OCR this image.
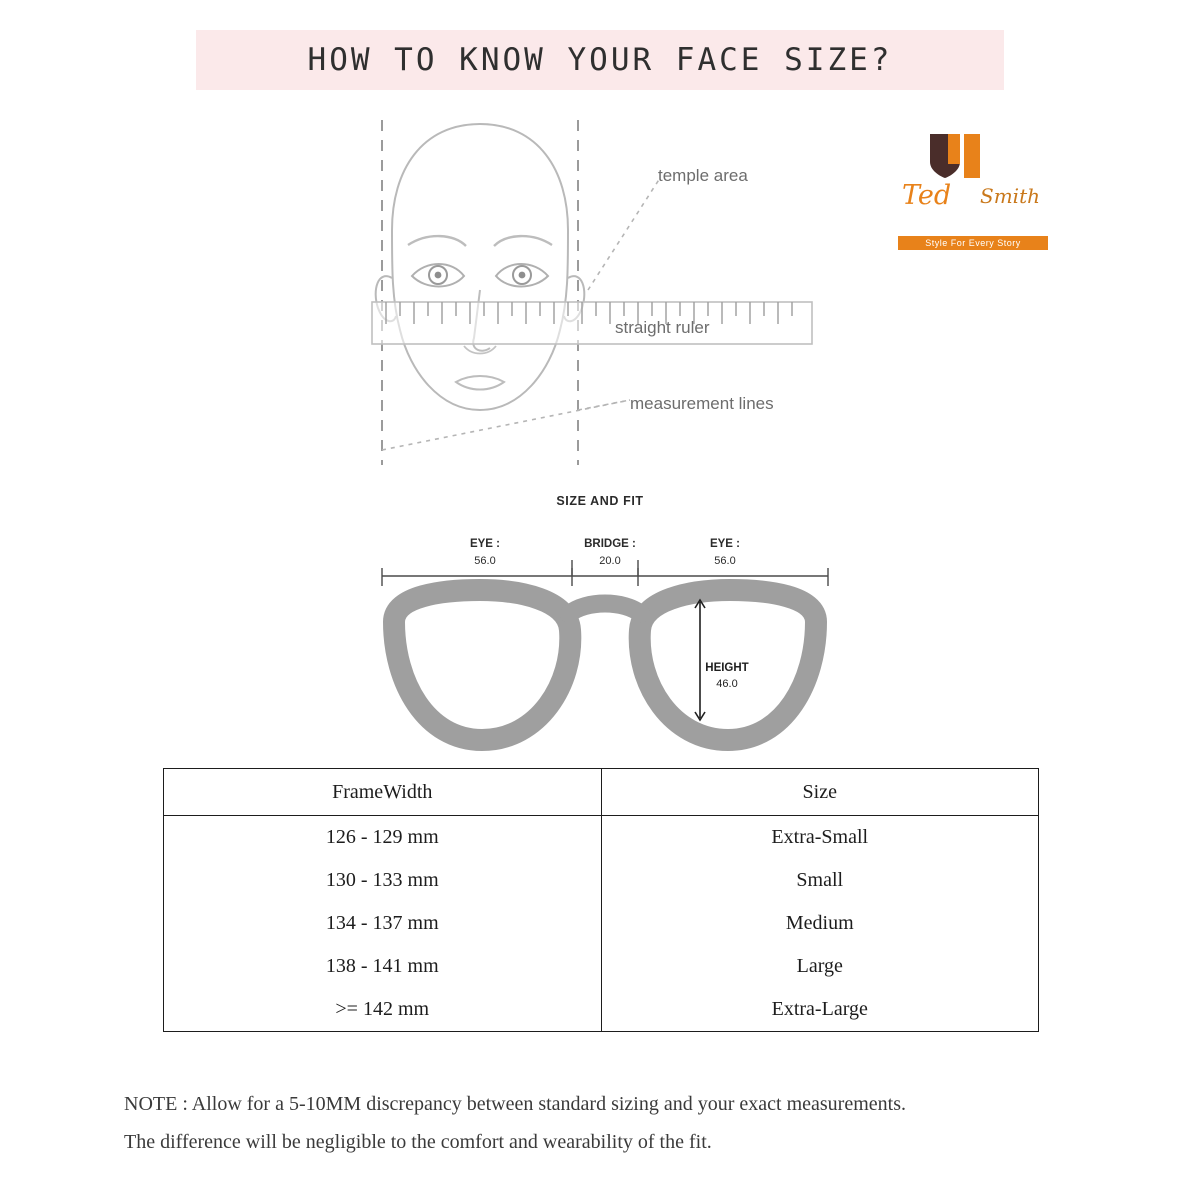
HOW TO KNOW YOUR FACE SIZE?
temple area
straight ruler
measurement lines
Ted Smith
Style For Every Story
SIZE AND FIT
EYE :
56.0
BRIDGE :
20.0
EYE :
56.0
HEIGHT
46.0
FrameWidth	Size
126 - 129 mm	Extra-Small
130 - 133 mm	Small
134 - 137 mm	Medium
138 - 141 mm	Large
>= 142 mm	Extra-Large
NOTE : Allow for a 5-10MM discrepancy between standard sizing and your exact measurements.
The difference will be negligible to the comfort and wearability of the fit.
